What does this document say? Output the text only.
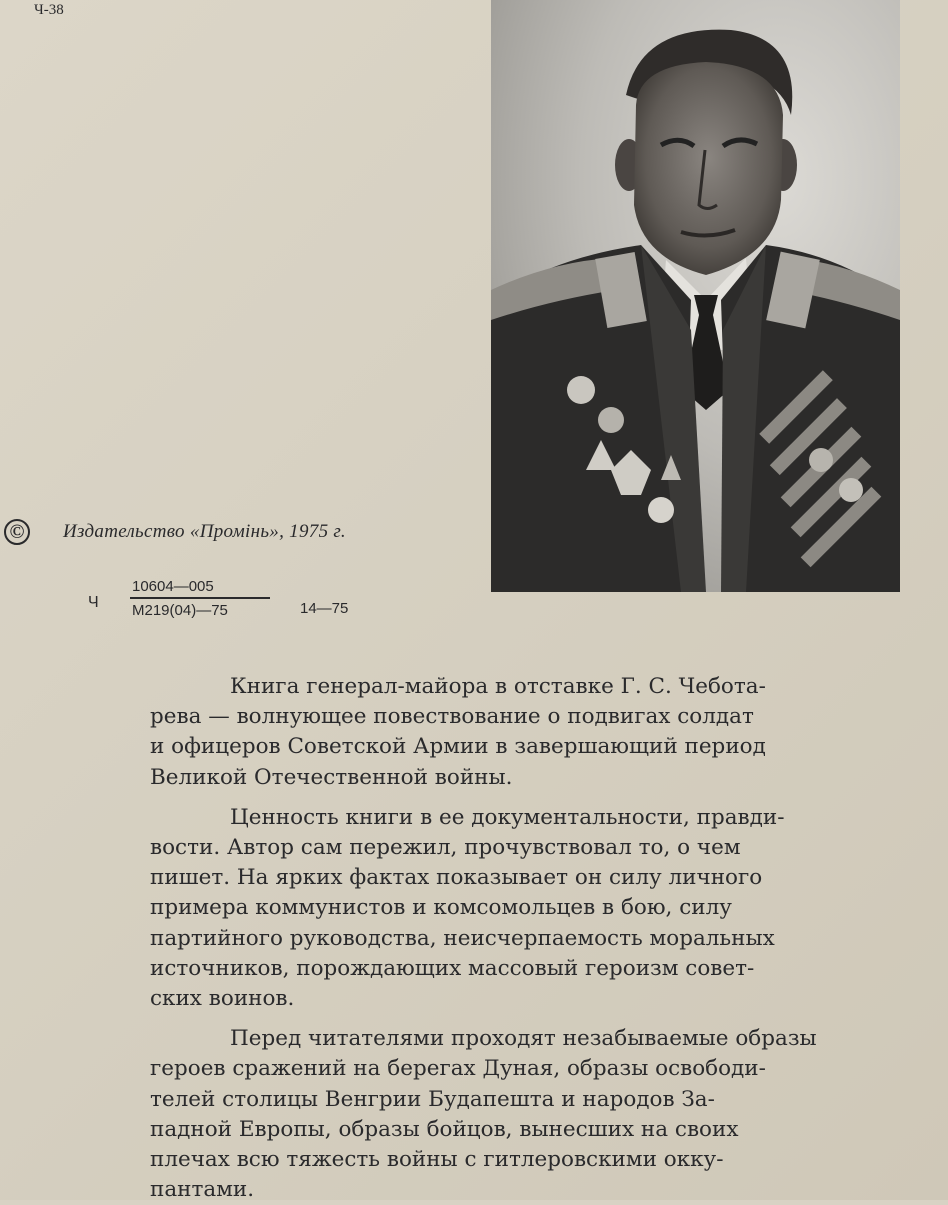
Ч-38
© Издательство «Промінь», 1975 г.
Ч
10604—005
М219(04)—75	14—75

Книга генерал-майора в отставке Г. С. Чебота-
рева — волнующее повествование о подвигах солдат
и офицеров Советской Армии в завершающий период
Великой Отечественной войны.

Ценность книги в ее документальности, правди-
вости. Автор сам пережил, прочувствовал то, о чем
пишет. На ярких фактах показывает он силу личного
примера коммунистов и комсомольцев в бою, силу
партийного руководства, неисчерпаемость моральных
источников, порождающих массовый героизм совет-
ских воинов.

Перед читателями проходят незабываемые образы
героев сражений на берегах Дуная, образы освободи-
телей столицы Венгрии Будапешта и народов За-
падной Европы, образы бойцов, вынесших на своих
плечах всю тяжесть войны с гитлеровскими окку-
пантами.
